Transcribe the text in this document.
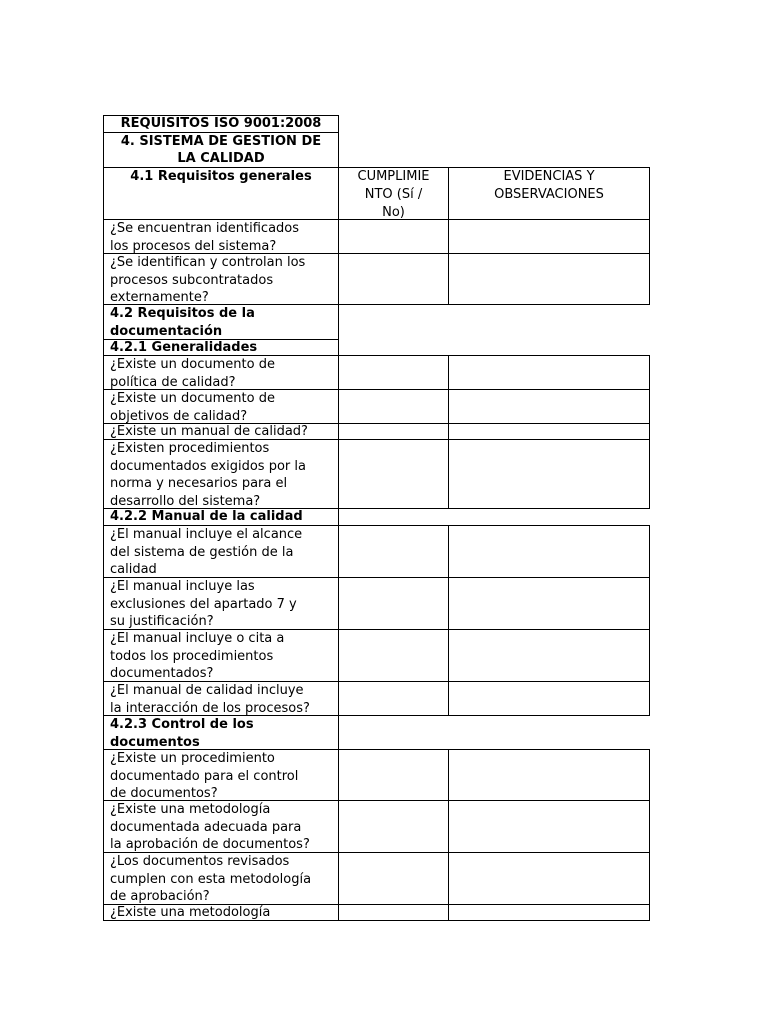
REQUISITOS ISO 9001:2008
4. SISTEMA DE GESTION DE
LA CALIDAD
4.1 Requisitos generales	CUMPLIMIE
NTO (Sí /
No)
EVIDENCIAS Y
OBSERVACIONES
¿Se encuentran identificados
los procesos del sistema?
¿Se identifican y controlan los
procesos subcontratados
externamente?
4.2 Requisitos de la
documentación
4.2.1 Generalidades
¿Existe un documento de
política de calidad?
¿Existe un documento de
objetivos de calidad?
¿Existe un manual de calidad?
¿Existen procedimientos
documentados exigidos por la
norma y necesarios para el
desarrollo del sistema?
4.2.2 Manual de la calidad
¿El manual incluye el alcance
del sistema de gestión de la
calidad
¿El manual incluye las
exclusiones del apartado 7 y
su justificación?
¿El manual incluye o cita a
todos los procedimientos
documentados?
¿El manual de calidad incluye
la interacción de los procesos?
4.2.3 Control de los
documentos
¿Existe un procedimiento
documentado para el control
de documentos?
¿Existe una metodología
documentada adecuada para
la aprobación de documentos?
¿Los documentos revisados
cumplen con esta metodología
de aprobación?
¿Existe una metodología
